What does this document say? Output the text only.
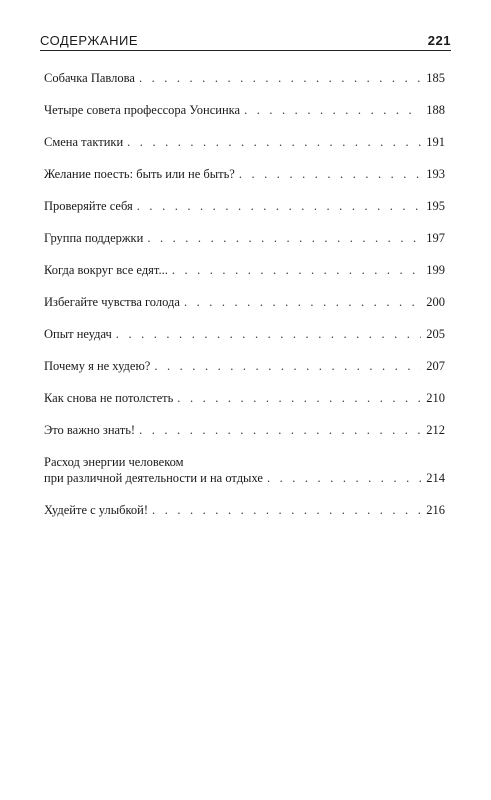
СОДЕРЖАНИЕ	221
Собачка Павлова . . .	185
Четыре совета профессора Уонсинка . . .	188
Смена тактики . . .	191
Желание поесть: быть или не быть? . . .	193
Проверяйте себя . . .	195
Группа поддержки . . .	197
Когда вокруг все едят... . . .	199
Избегайте чувства голода . . .	200
Опыт неудач . . .	205
Почему я не худею? . . .	207
Как снова не потолстеть . . .	210
Это важно знать! . . .	212
Расход энергии человеком
при различной деятельности и на отдыхе . . .	214
Худейте с улыбкой! . . .	216
